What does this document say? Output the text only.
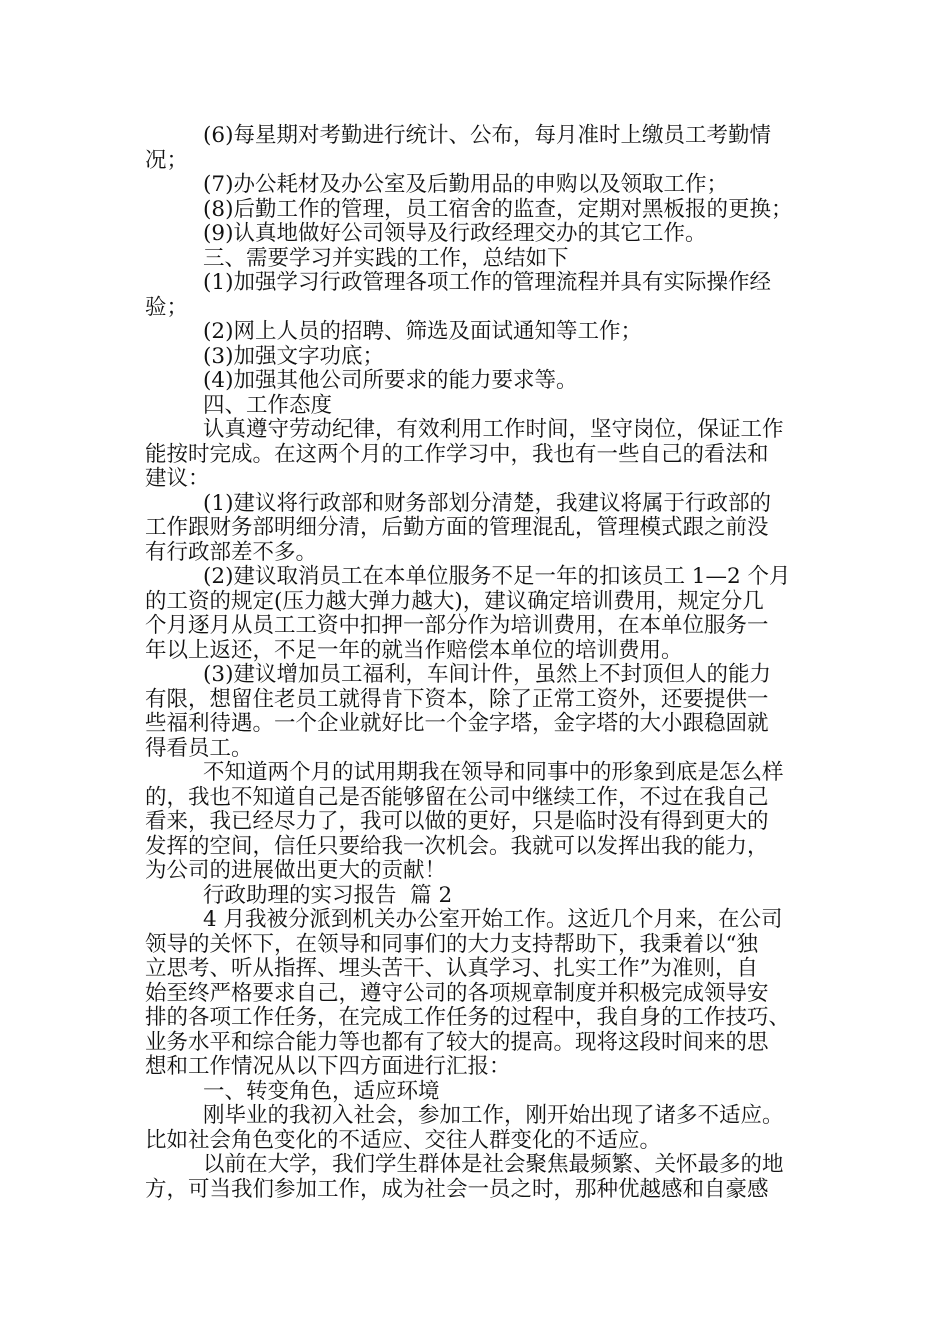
(6)每星期对考勤进行统计、公布，每月准时上缴员工考勤情

况；

(7)办公耗材及办公室及后勤用品的申购以及领取工作；

(8)后勤工作的管理，员工宿舍的监查，定期对黑板报的更换；

(9)认真地做好公司领导及行政经理交办的其它工作。

三、需要学习并实践的工作，总结如下

(1)加强学习行政管理各项工作的管理流程并具有实际操作经

验；

(2)网上人员的招聘、筛选及面试通知等工作；

(3)加强文字功底；

(4)加强其他公司所要求的能力要求等。

四、工作态度

认真遵守劳动纪律，有效利用工作时间，坚守岗位，保证工作

能按时完成。在这两个月的工作学习中，我也有一些自己的看法和

建议：

(1)建议将行政部和财务部划分清楚，我建议将属于行政部的

工作跟财务部明细分清，后勤方面的管理混乱，管理模式跟之前没

有行政部差不多。

(2)建议取消员工在本单位服务不足一年的扣该员工 1—2 个月

的工资的规定(压力越大弹力越大)，建议确定培训费用，规定分几

个月逐月从员工工资中扣押一部分作为培训费用，在本单位服务一

年以上返还，不足一年的就当作赔偿本单位的培训费用。

(3)建议增加员工福利，车间计件，虽然上不封顶但人的能力

有限，想留住老员工就得肯下资本，除了正常工资外，还要提供一

些福利待遇。一个企业就好比一个金字塔，金字塔的大小跟稳固就

得看员工。

不知道两个月的试用期我在领导和同事中的形象到底是怎么样

的，我也不知道自己是否能够留在公司中继续工作，不过在我自己

看来，我已经尽力了，我可以做的更好，只是临时没有得到更大的

发挥的空间，信任只要给我一次机会。我就可以发挥出我的能力，

为公司的进展做出更大的贡献！

行政助理的实习报告  篇 2

4 月我被分派到机关办公室开始工作。这近几个月来，在公司

领导的关怀下，在领导和同事们的大力支持帮助下，我秉着以“独

立思考、听从指挥、埋头苦干、认真学习、扎实工作”为准则，自

始至终严格要求自己，遵守公司的各项规章制度并积极完成领导安

排的各项工作任务，在完成工作任务的过程中，我自身的工作技巧、

业务水平和综合能力等也都有了较大的提高。现将这段时间来的思

想和工作情况从以下四方面进行汇报：

一、转变角色，适应环境

刚毕业的我初入社会，参加工作，刚开始出现了诸多不适应。

比如社会角色变化的不适应、交往人群变化的不适应。

以前在大学，我们学生群体是社会聚焦最频繁、关怀最多的地

方，可当我们参加工作，成为社会一员之时，那种优越感和自豪感
